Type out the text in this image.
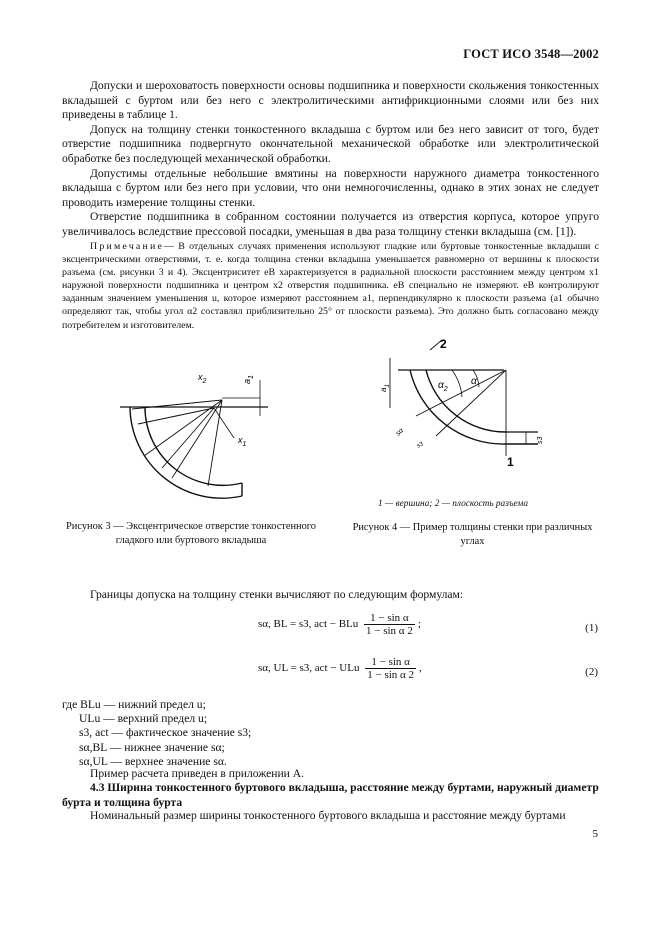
ГОСТ ИСО 3548—2002

Допуски и шероховатость поверхности основы подшипника и поверхности скольжения тонкостенных вкладышей с буртом или без него с электролитическими антифрикционными слоями или без них приведены в таблице 1.

Допуск на толщину стенки тонкостенного вкладыша с буртом или без него зависит от того, будет отверстие подшипника подвергнуто окончательной механической обработке или электролитической обработке без последующей механической обработки.

Допустимы отдельные небольшие вмятины на поверхности наружного диаметра тонкостенного вкладыша с буртом или без него при условии, что они немногочисленны, однако в этих зонах не следует проводить измерение толщины стенки.

Отверстие подшипника в собранном состоянии получается из отверстия корпуса, которое упруго увеличивалось вследствие прессовой посадки, уменьшая в два раза толщину стенки вкладыша (см. [1]).

Примечание— В отдельных случаях применения используют гладкие или буртовые тонкостенные вкладыши с эксцентрическими отверстиями, т. е. когда толщина стенки вкладыша уменьшается равномерно от вершины к плоскости разъема (см. рисунки 3 и 4). Эксцентриситет eB характеризуется в радиальной плоскости расстоянием между центром x1 наружной поверхности подшипника и центром x2 отверстия подшипника. eB специально не измеряют. eB контролируют заданным значением уменьшения u, которое измеряют расстоянием a1, перпендикулярно к плоскости разъема (a1 обычно определяют так, чтобы угол α2 составлял приблизительно 25° от плоскости разъема). Это должно быть согласовано между потребителем и изготовителем.

$x_2$	$a_1$
$x_1$
Рисунок 3 — Эксцентрическое отверстие тонкостенного гладкого или буртового вкладыша
2
1
α
$\alpha_2$
$a_1$
sα
s3
s3
1 — вершина; 2 — плоскость разъема
Рисунок 4 — Пример толщины стенки при различных углах
Границы допуска на толщину стенки вычисляют по следующим формулам:
sα, BL = s3, act − BLu $\frac{\text{1 − sin α}}{\text{1 − sin α 2}}$ ;	(1)
sα, UL = s3, act − ULu $\frac{\text{1 − sin α}}{\text{1 − sin α 2}}$ ,	(2)
где BLu — нижний предел u;
ULu — верхний предел u;
s3, act — фактическое значение s3;
sα,BL — нижнее значение sα;
sα,UL — верхнее значение sα.
Пример расчета приведен в приложении А.
4.3 Ширина тонкостенного буртового вкладыша, расстояние между буртами, наружный диаметр бурта и толщина бурта
Номинальный размер ширины тонкостенного буртового вкладыша и расстояние между буртами
5
